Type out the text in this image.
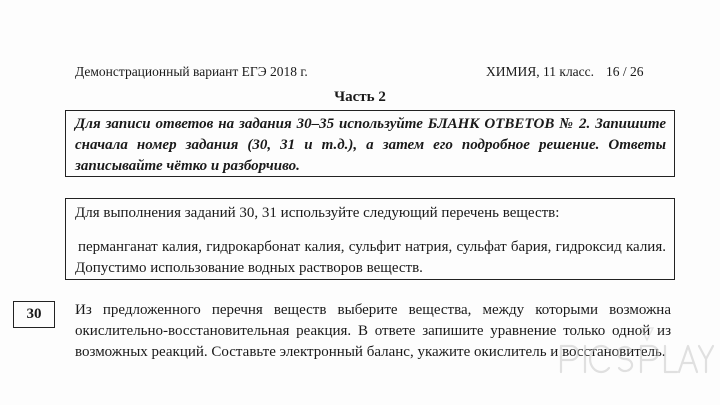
Демонстрационный вариант ЕГЭ 2018 г.	ХИМИЯ, 11 класс. 16 / 26
Часть 2
Для записи ответов на задания 30–35 используйте БЛАНК ОТВЕТОВ № 2. Запишите сначала номер задания (30, 31 и т.д.), а затем его подробное решение. Ответы записывайте чётко и разборчиво.
Для выполнения заданий 30, 31 используйте следующий перечень веществ:
перманганат калия, гидрокарбонат калия, сульфит натрия, сульфат бария, гидроксид калия. Допустимо использование водных растворов веществ.
30	Из предложенного перечня веществ выберите вещества, между которыми возможна окислительно-восстановительная реакция. В ответе запишите уравнение только одной из возможных реакций. Составьте электронный баланс, укажите окислитель и восстановитель.
